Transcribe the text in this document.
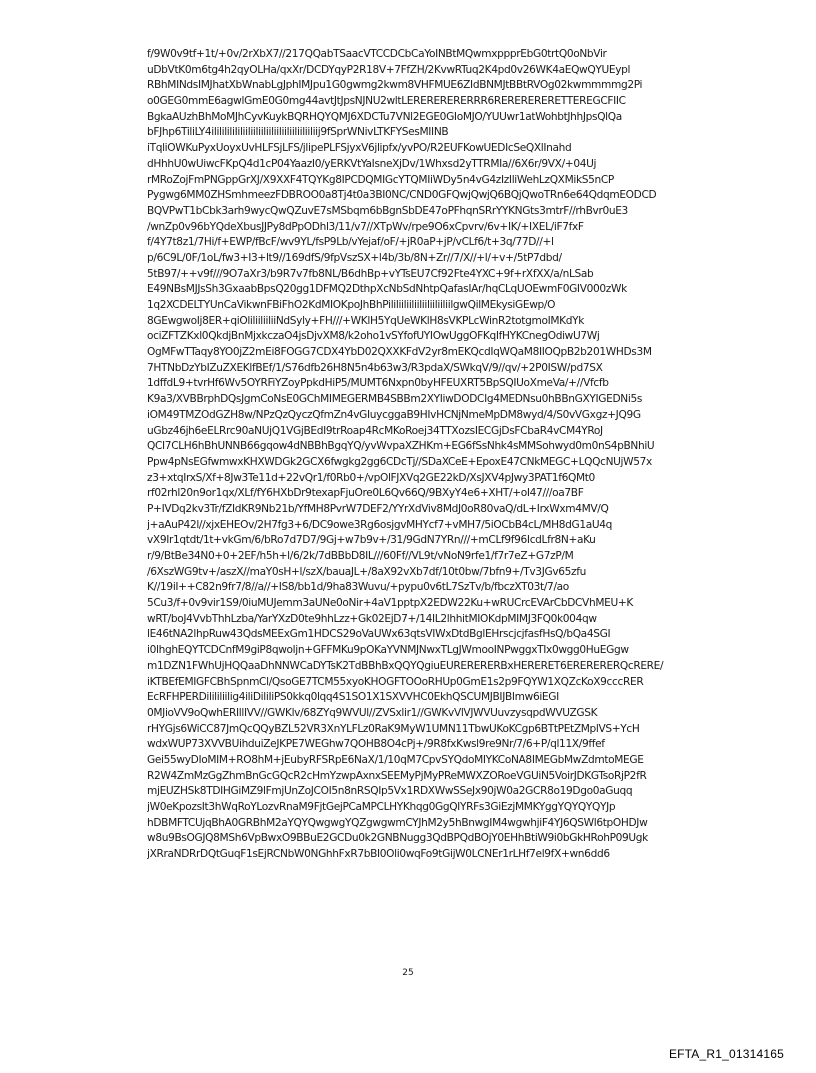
f/9W0v9tf+1t/+0v/2rXbX7//217QQabTSaacVTCCDCbCaYoINBtMQwmxppprEbG0trtQ0oNbVir
uDbVtK0m6tg4h2qyOLHa/qxXr/DCDYqyP2R18V+7FfZH/2KvwRTuq2K4pd0v26WK4aEQwQYUEypl
RBhMINdsIMJhatXbWnabLgJphIMJpu1G0gwmg2kwm8VHFMUE6ZIdBNMJtBBtRVOg02kwmmmmg2Pi
o0GEG0mmE6agwlGmE0G0mg44avtJtJpsNJNU2wltLERERERERERRR6RERERERERETTEREGCFIIC
BgkaAUzhBhMoMJhCyvKuykBQRHQYQMJ6XDCTu7VNl2EGE0GIoMJO/YUUwr1atWohbtJhhJpsQlQa
bFJhp6TiliLY4ililililiIiliiliiliiliiliiliiliiliiliiliij9fSprWNivLTKFYSesMIINB
iTqliOWKuPyxUoyxUvHLFSjLFS/jlipePLFSjyxV6jlipfx/yvPO/R2EUFKowUEDIcSeQXlInahd
dHhhU0wUiwcFKpQ4d1cP04YaazI0/yERKVtYaIsneXjDv/1Whxsd2yTTRMIa//6X6r/9VX/+04Uj
rMRoZojFmPNGppGrXJ/X9XXF4TQYKg8IPCDQMIGcYTQMIiWDy5n4vG4zIzIliWehLzQXMikS5nCP
Pygwg6MM0ZHSmhmeezFDBROO0a8Tj4t0a3BI0NC/CND0GFQwjQwjQ6BQjQwoTRn6e64QdqmEODCD
BQVPwT1bCbk3arh9wycQwQZuvE7sMSbqm6bBgnSbDE47oPFhqnSRrYYKNGts3mtrF//rhBvr0uE3
/wnZp0v96bYQdeXbusJJPy8dPpODhl3/11/v7//XTpWv/rpe9O6xCpvrv/6v+IK/+IXEL/iF7fxF
f/4Y7t8z1/7Hi/f+EWP/fBcF/wv9YL/fsP9Lb/vYejaf/oF/+jR0aP+jP/vCLf6/t+3q/77D//+l
p/6C9L/0F/1oL/fw3+I3+lt9//169dfS/9fpVszSX+l4b/3b/8N+Zr//7/X//+l/+v+/5tP7dbd/
5tB97/++v9f///9O7aXr3/b9R7v7fb8NL/B6dhBp+vYTsEU7Cf92Fte4YXC+9f+rXfXX/a/nLSab
E49NBsMJJsSh3GxaabBpsQ20gg1DFMQ2DthpXcNbSdNhtpQafasIAr/hqCLqUOEwmF0GIV000zWk
1q2XCDELTYUnCaVikwnFBiFhO2KdMIOKpoJhBhPililiiliiliiliiliiliiliilgwQilMEkysiGEwp/O
8GEwgwoIj8ER+qiOliliiliiliiNdSyly+FH///+WKlH5YqUeWKlH8sVKPLcWinR2totgmoIMKdYk
ociZFTZKxl0QkdjBnMjxkczaO4jsDjvXM8/k2oho1vSYfofUYIOwUggOFKqIfHYKCnegOdiwU7Wj
OgMFwTTaqy8YO0jZ2mEi8FOGG7CDX4YbD02QXXKFdV2yr8mEKQcdIqWQaM8IIOQpB2b201WHDs3M
7HTNbDzYbIZuZXEKlfBEf/1/S76dfb26H8N5n4b63w3/R3pdaX/SWkqV/9//qv/+2P0ISW/pd7SX
1dffdL9+tvrHf6Wv5OYRFiYZoyPpkdHiP5/MUMT6Nxpn0byHFEUXRT5BpSQIUoXmeVa/+//Vfcfb
K9a3/XVBBrphDQsJgmCoNsE0GChMIMEGERMB4SBBm2XYIiwDODCIg4MEDNsu0hBBnGXYIGEDNi5s
iOM49TMZOdGZH8w/NPzQzQyczQfmZn4vGIuycggaB9HIvHCNjNmeMpDM8wyd/4/S0vVGxgz+JQ9G
uGbz46jh6eELRrc90aNUjQ1VGjBEdI9trRoap4RcMKoRoej34TTXozsIECGjDsFCbaR4vCM4YRoJ
QCI7CLH6hBhUNNB66gqow4dNBBhBgqYQ/yvWvpaXZHKm+EG6fSsNhk4sMMSohwyd0m0nS4pBNhiU
Ppw4pNsEGfwmwxKHXWDGk2GCX6fwgkg2gg6CDcTj//SDaXCeE+EpoxE47CNkMEGC+LQQcNUjW57x
z3+xtqIrxS/Xf+8Jw3Te11d+22vQr1/f0Rb0+/vpOlFJXVq2GE22kD/XsJXV4pJwy3PAT1f6QMt0
rf02rhl20n9or1qx/XLf/fY6HXbDr9texapFjuOre0L6Qv66Q/9BXyY4e6+XHT/+oI47///oa7BF
P+IVDq2kv3Tr/fZIdKR9Nb21b/YfMH8PvrW7DEF2/YYrXdViv8MdJ0oR80vaQ/dL+IrxWxm4MV/Q
j+aAuP42l//xjxEHEOv/2H7fg3+6/DC9owe3Rg6osjgvMHYcf7+vMH7/5iOCbB4cL/MH8dG1aU4q
vX9Ir1qtdt/1t+vkGm/6/bRo7d7D7/9Gj+w7b9v+/31/9GdN7YRn///+mCLf9f96IcdLfr8N+aKu
r/9/BtBe34N0+0+2EF/h5h+l/6/2k/7dBBbD8IL///60Ff//VL9t/vNoN9rfe1/f7r7eZ+G7zP/M
/6XszWG9tv+/aszX//maY0sH+l/szX/bauaJL+/8aX92vXb7df/10t0bw/7bfn9+/Tv3JGv65zfu
K//19iI++C82n9fr7/8//a//+IS8/bb1d/9ha83Wuvu/+pypu0v6tL7SzTv/b/fbczXT03t/7/ao
5Cu3/f+0v9vir1S9/0iuMUJemm3aUNe0oNir+4aV1pptpX2EDW22Ku+wRUCrcEVArCbDCVhMEU+K
wRT/boJ4VvbThhLzba/YarYXzD0te9hhLzz+Gk02EjD7+/14IL2lhhitMIOKdpMIMJ3FQ0k004qw
lE46tNA2lhpRuw43QdsMEExGm1HDCS29oVaUWx63qtsVIWxDtdBglEHrscjcjfasfHsQ/bQa4SGI
i0lhghEQYTCDCnfM9giP8qwoljn+GFFMKu9pOKaYVNMJNwxTLgJWmooINPwggxTIx0wgg0HuEGgw
m1DZN1FWhUjHQQaaDhNNWCaDYTsK2TdBBhBxQQYQgiuEURERERERBxHERERET6ERERERERQcRERE/
iKTBEfEMIGFCBhSpnmCl/QsoGE7TCM55xyoKHOGFTOOoRHUp0GmE1s2p9FQYW1XQZcKoX9cccRER
EcRFHPERDilililiilig4iliDiliIiPS0kkq0lqq4S1SO1X1SXVVHC0EkhQSCUMJBIJBImw6iEGI
0MJioVV9oQwhERIllIVV//GWKlv/68ZYq9WVUl//ZVSxlir1//GWKvVlVJWVUuvzysqpdWVUZGSK
rHYGjs6WiCC87JmQcQQyBZL52VR3XnYLFLz0RaK9MyW1UMN11TbwUKoKCgp6BTtPEtZMplVS+YcH
wdxWUP73XVVBUihduiZeJKPE7WEGhw7QOHB8O4cPj+/9R8fxKwsl9re9Nr/7/6+P/ql11X/9ffef
Gei55wyDIoMIM+RO8hM+jEubyRFSRpE6NaX/1/10qM7CpvSYQdoMIYKCoNA8IMEGbMwZdmtoMEGE
R2W4ZmMzGgZhmBnGcGQcR2cHmYzwpAxnxSEEMyPjMyPReMWXZORoeVGUiN5VoirJDKGTsoRjP2fR
mjEUZHSk8TDIHGiMZ9lFmjUnZoJCOI5n8nRSQIp5Vx1RDXWwSSeJx90jW0a2GCR8o19Dgo0aGuqq
jW0eKpozsIt3hWqRoYLozvRnaM9FjtGejPCaMPCLHYKhqg0GgQIYRFs3GiEzjMMKYggYQYQYQYJp
hDBMFTCUjqBhA0GRBhM2aYQYQwgwgYQZgwgwmCYJhM2y5hBnwgIM4wgwhjiF4YJ6QSWl6tpOHDJw
w8u9BsOGJQ8MSh6VpBwxO9BBuE2GCDu0k2GNBNugg3QdBPQdBOjY0EHhBtiW9i0bGkHRohP09Ugk
jXRraNDRrDQtGuqF1sEjRCNbW0NGhhFxR7bBI0Oli0wqFo9tGijW0LCNEr1rLHf7el9fX+wn6dd6
25
EFTA_R1_01314165
